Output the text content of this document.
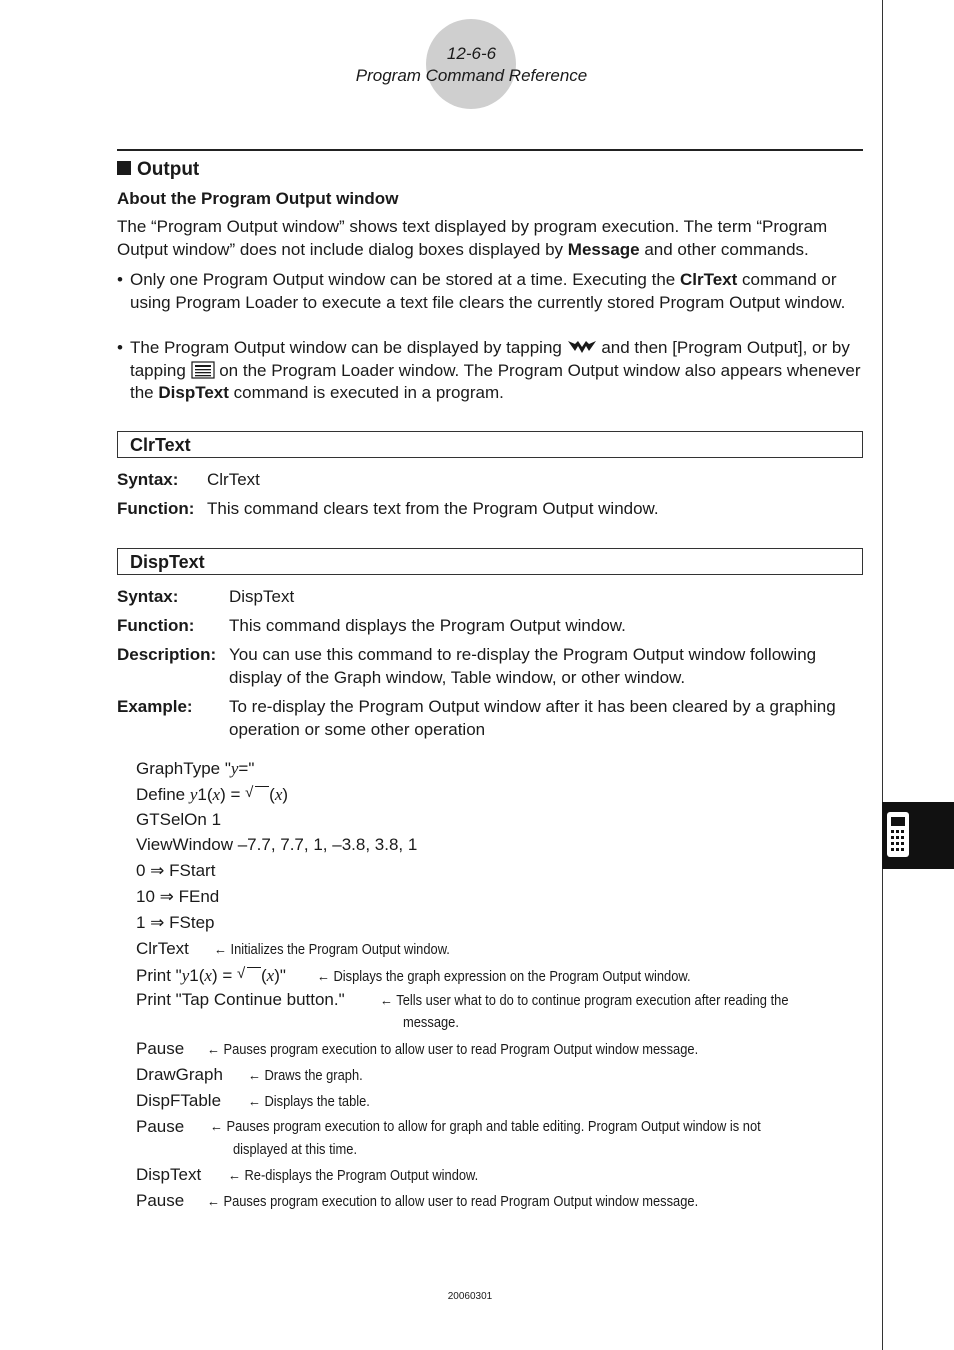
12-6-6
Program Command Reference
Output
About the Program Output window
The “Program Output window” shows text displayed by program execution. The term “Program Output window” does not include dialog boxes displayed by Message and other commands.
• Only one Program Output window can be stored at a time. Executing the ClrText command or using Program Loader to execute a text file clears the currently stored Program Output window.
• The Program Output window can be displayed by tapping  and then [Program Output], or by tapping  on the Program Loader window. The Program Output window also appears whenever the DispText command is executed in a program.
ClrText
Syntax: ClrText
Function: This command clears text from the Program Output window.
DispText
Syntax:	DispText
Function: This command displays the Program Output window.
Description: You can use this command to re-display the Program Output window following display of the Graph window, Table window, or other window.
Example: To re-display the Program Output window after it has been cleared by a graphing operation or some other operation
GraphType "y="
Define y1(x) = √ (x)
GTSelOn 1
ViewWindow –7.7, 7.7, 1, –3.8, 3.8, 1
0 ⇒ FStart
10 ⇒ FEnd
1 ⇒ FStep
ClrText ← Initializes the Program Output window.
Print "y1(x) = √ (x)" ← Displays the graph expression on the Program Output window.
Print "Tap Continue button." ← Tells user what to do to continue program execution after reading the
message.
Pause ← Pauses program execution to allow user to read Program Output window message.
DrawGraph ← Draws the graph.
DispFTable ← Displays the table.
Pause ← Pauses program execution to allow for graph and table editing. Program Output window is not
displayed at this time.
DispText ← Re-displays the Program Output window.
Pause ← Pauses program execution to allow user to read Program Output window message.
20060301
